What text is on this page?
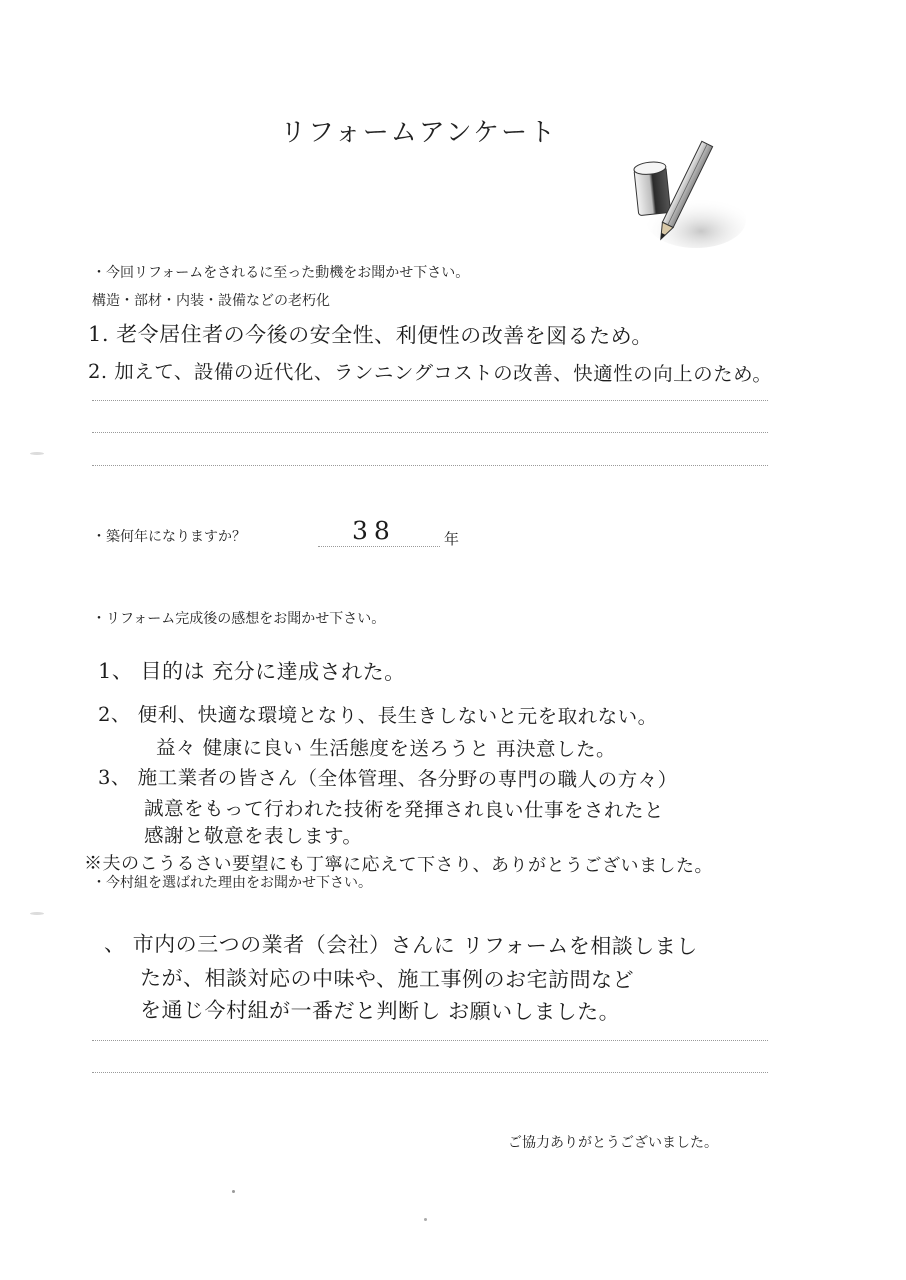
リフォームアンケート
・今回リフォームをされるに至った動機をお聞かせ下さい。
構造・部材・内装・設備などの老朽化
1. 老令居住者の今後の安全性、利便性の改善を図るため。
2. 加えて、設備の近代化、ランニングコストの改善、快適性の向上のため。
・築何年になりますか？	38	年
・リフォーム完成後の感想をお聞かせ下さい。
1、 目的は 充分に達成された。
2、 便利、快適な環境となり、長生きしないと元を取れない。
益々 健康に良い 生活態度を送ろうと 再決意した。
3、 施工業者の皆さん（全体管理、各分野の専門の職人の方々）
誠意をもって行われた技術を発揮され良い仕事をされたと
感謝と敬意を表します。
※夫のこうるさい要望にも丁寧に応えて下さり、ありがとうございました。
・今村組を選ばれた理由をお聞かせ下さい。
、 市内の三つの業者（会社）さんに リフォームを相談しまし
たが、相談対応の中味や、施工事例のお宅訪問など
を通じ今村組が一番だと判断し お願いしました。
ご協力ありがとうございました。
